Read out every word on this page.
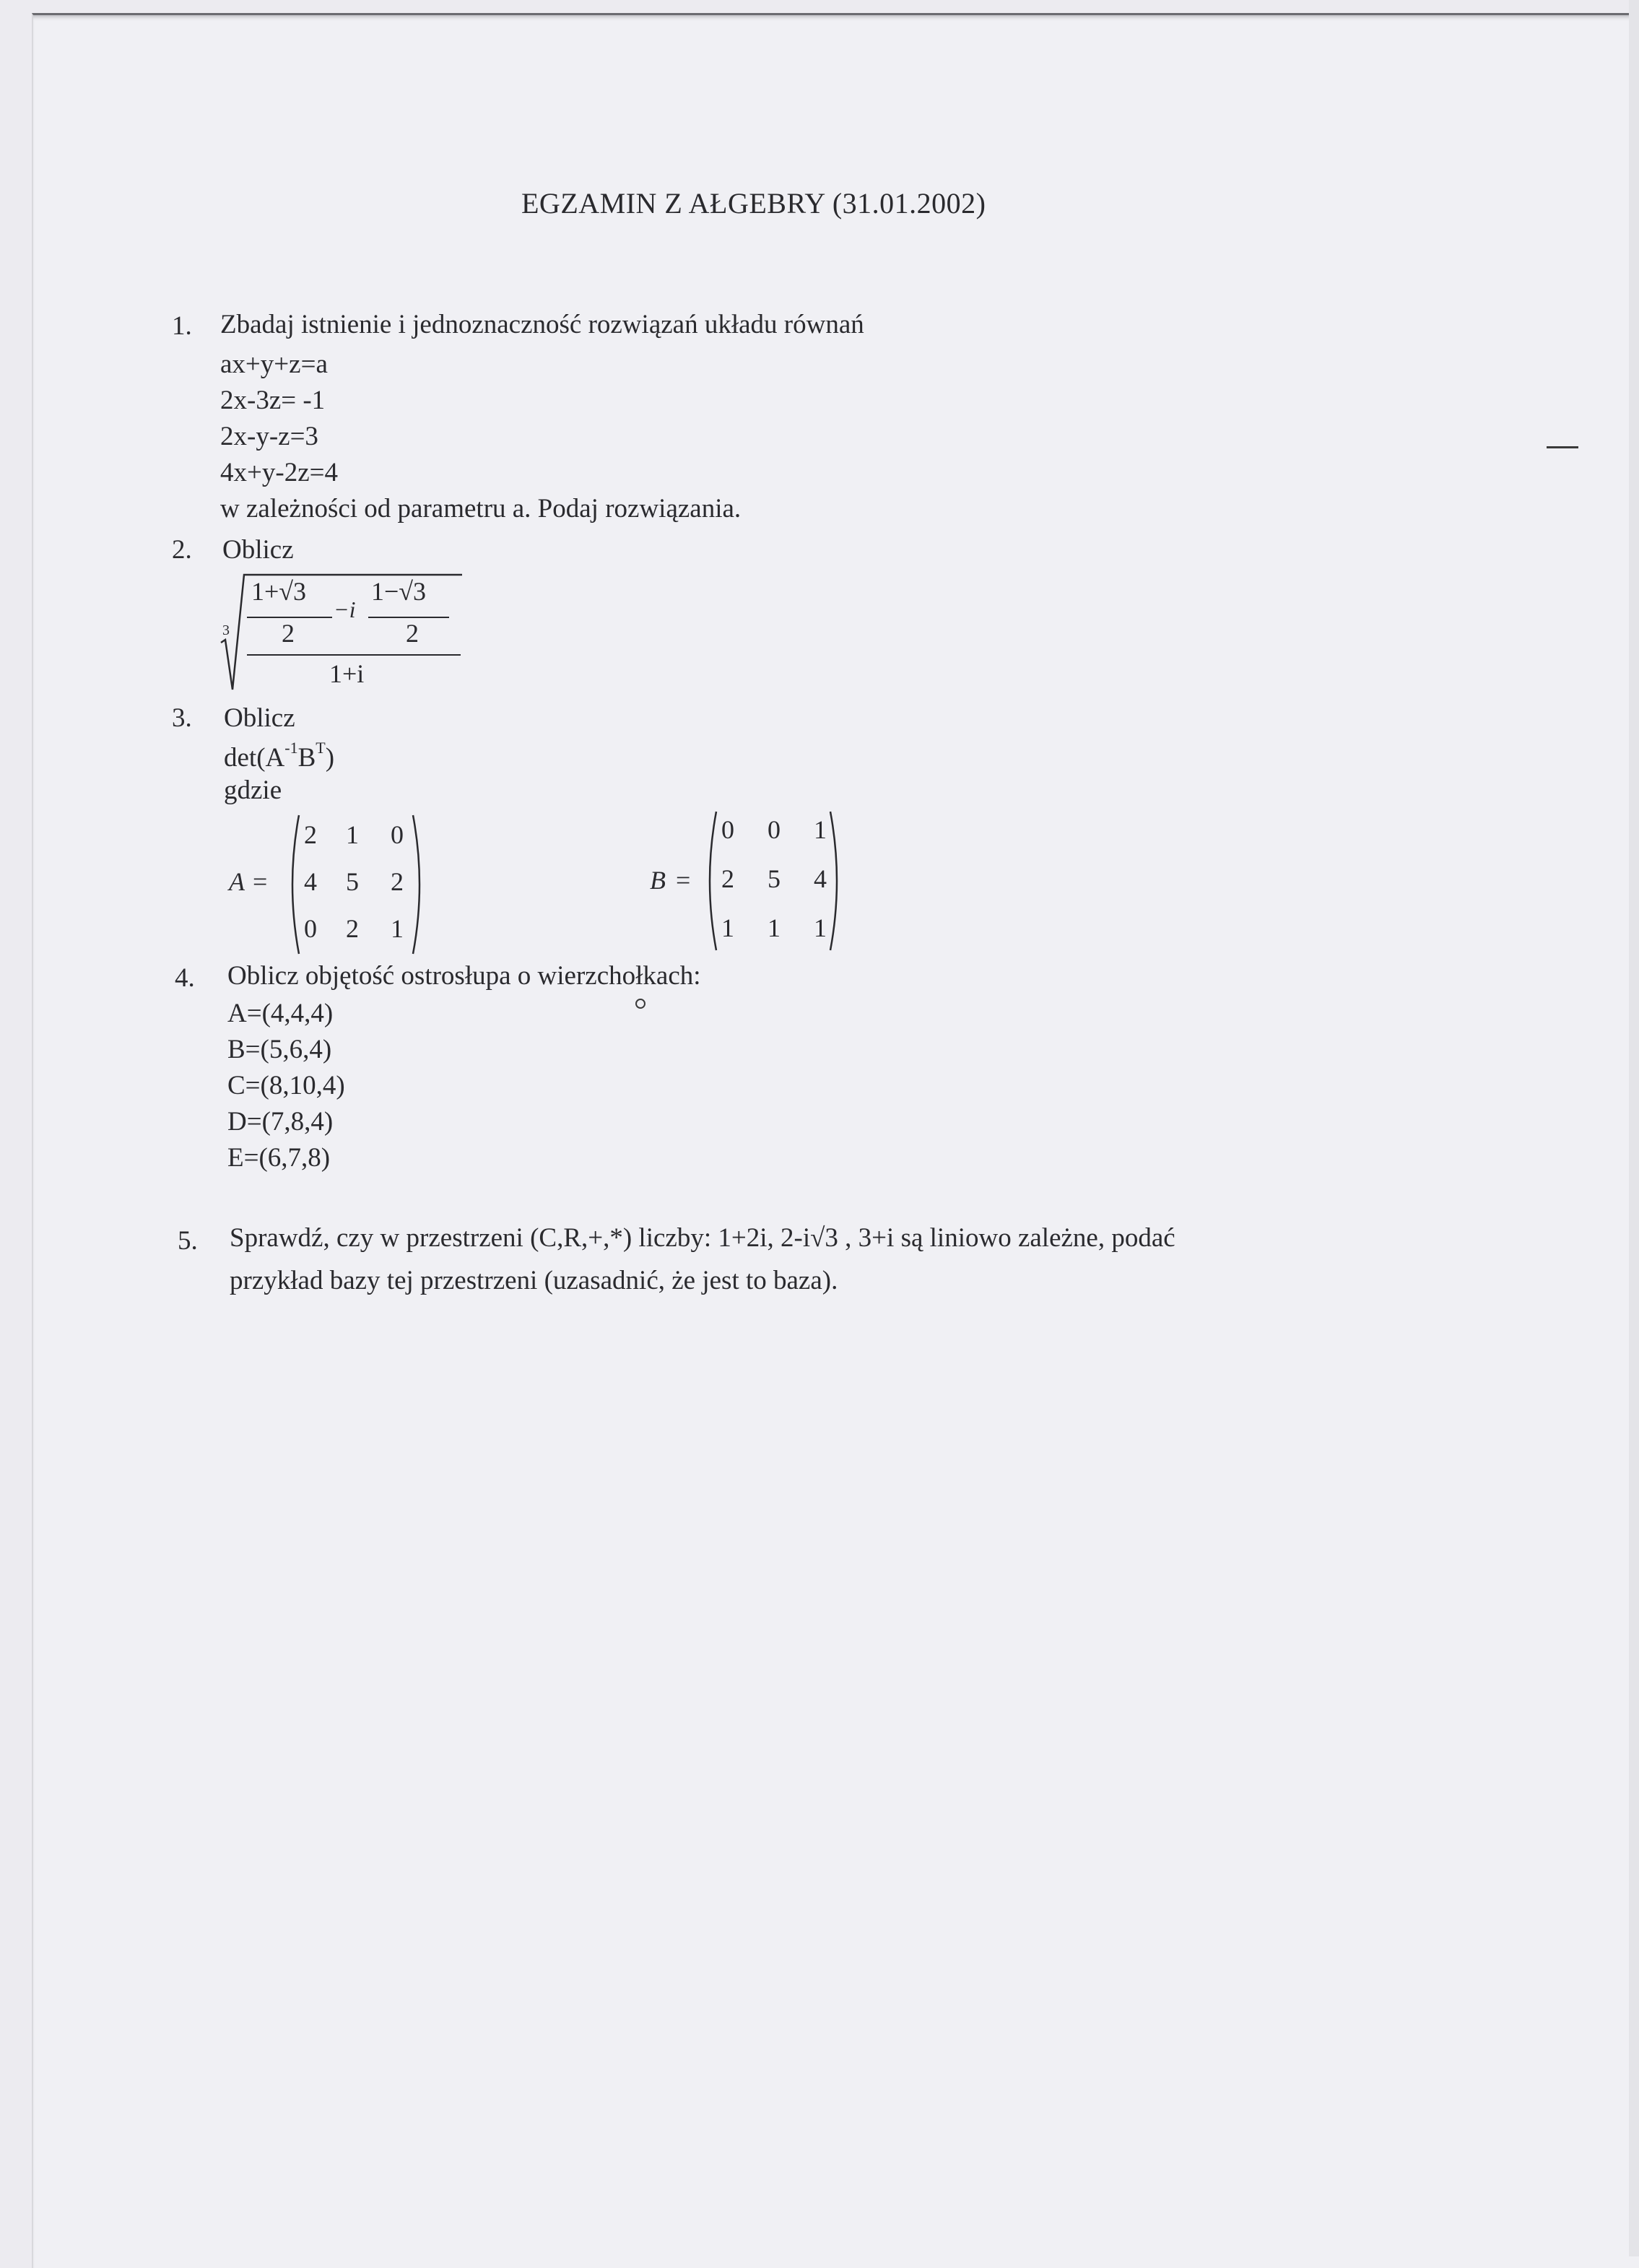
EGZAMIN Z AŁGEBRY (31.01.2002)
1. Zbadaj istnienie i jednoznaczność rozwiązań układu równań
ax+y+z=a
2x-3z= -1
2x-y-z=3
4x+y-2z=4
w zależności od parametru a. Podaj rozwiązania.
2. Oblicz
3
1+√3
2
−i
1−√3
2
1+i
3. Oblicz
$\det(A^{-1}B^T)$
gdzie
A =
2	1	0
4	5	2
0	2	1
B =
0	0	1
2	5	4
1	1	1
4. Oblicz objętość ostrosłupa o wierzchołkach:
A=(4,4,4)
B=(5,6,4)
C=(8,10,4)
D=(7,8,4)
E=(6,7,8)
5. Sprawdź, czy w przestrzeni (C,R,+,*) liczby: 1+2i, 2-i√3 , 3+i są liniowo zależne, podać
przykład bazy tej przestrzeni (uzasadnić, że jest to baza).
